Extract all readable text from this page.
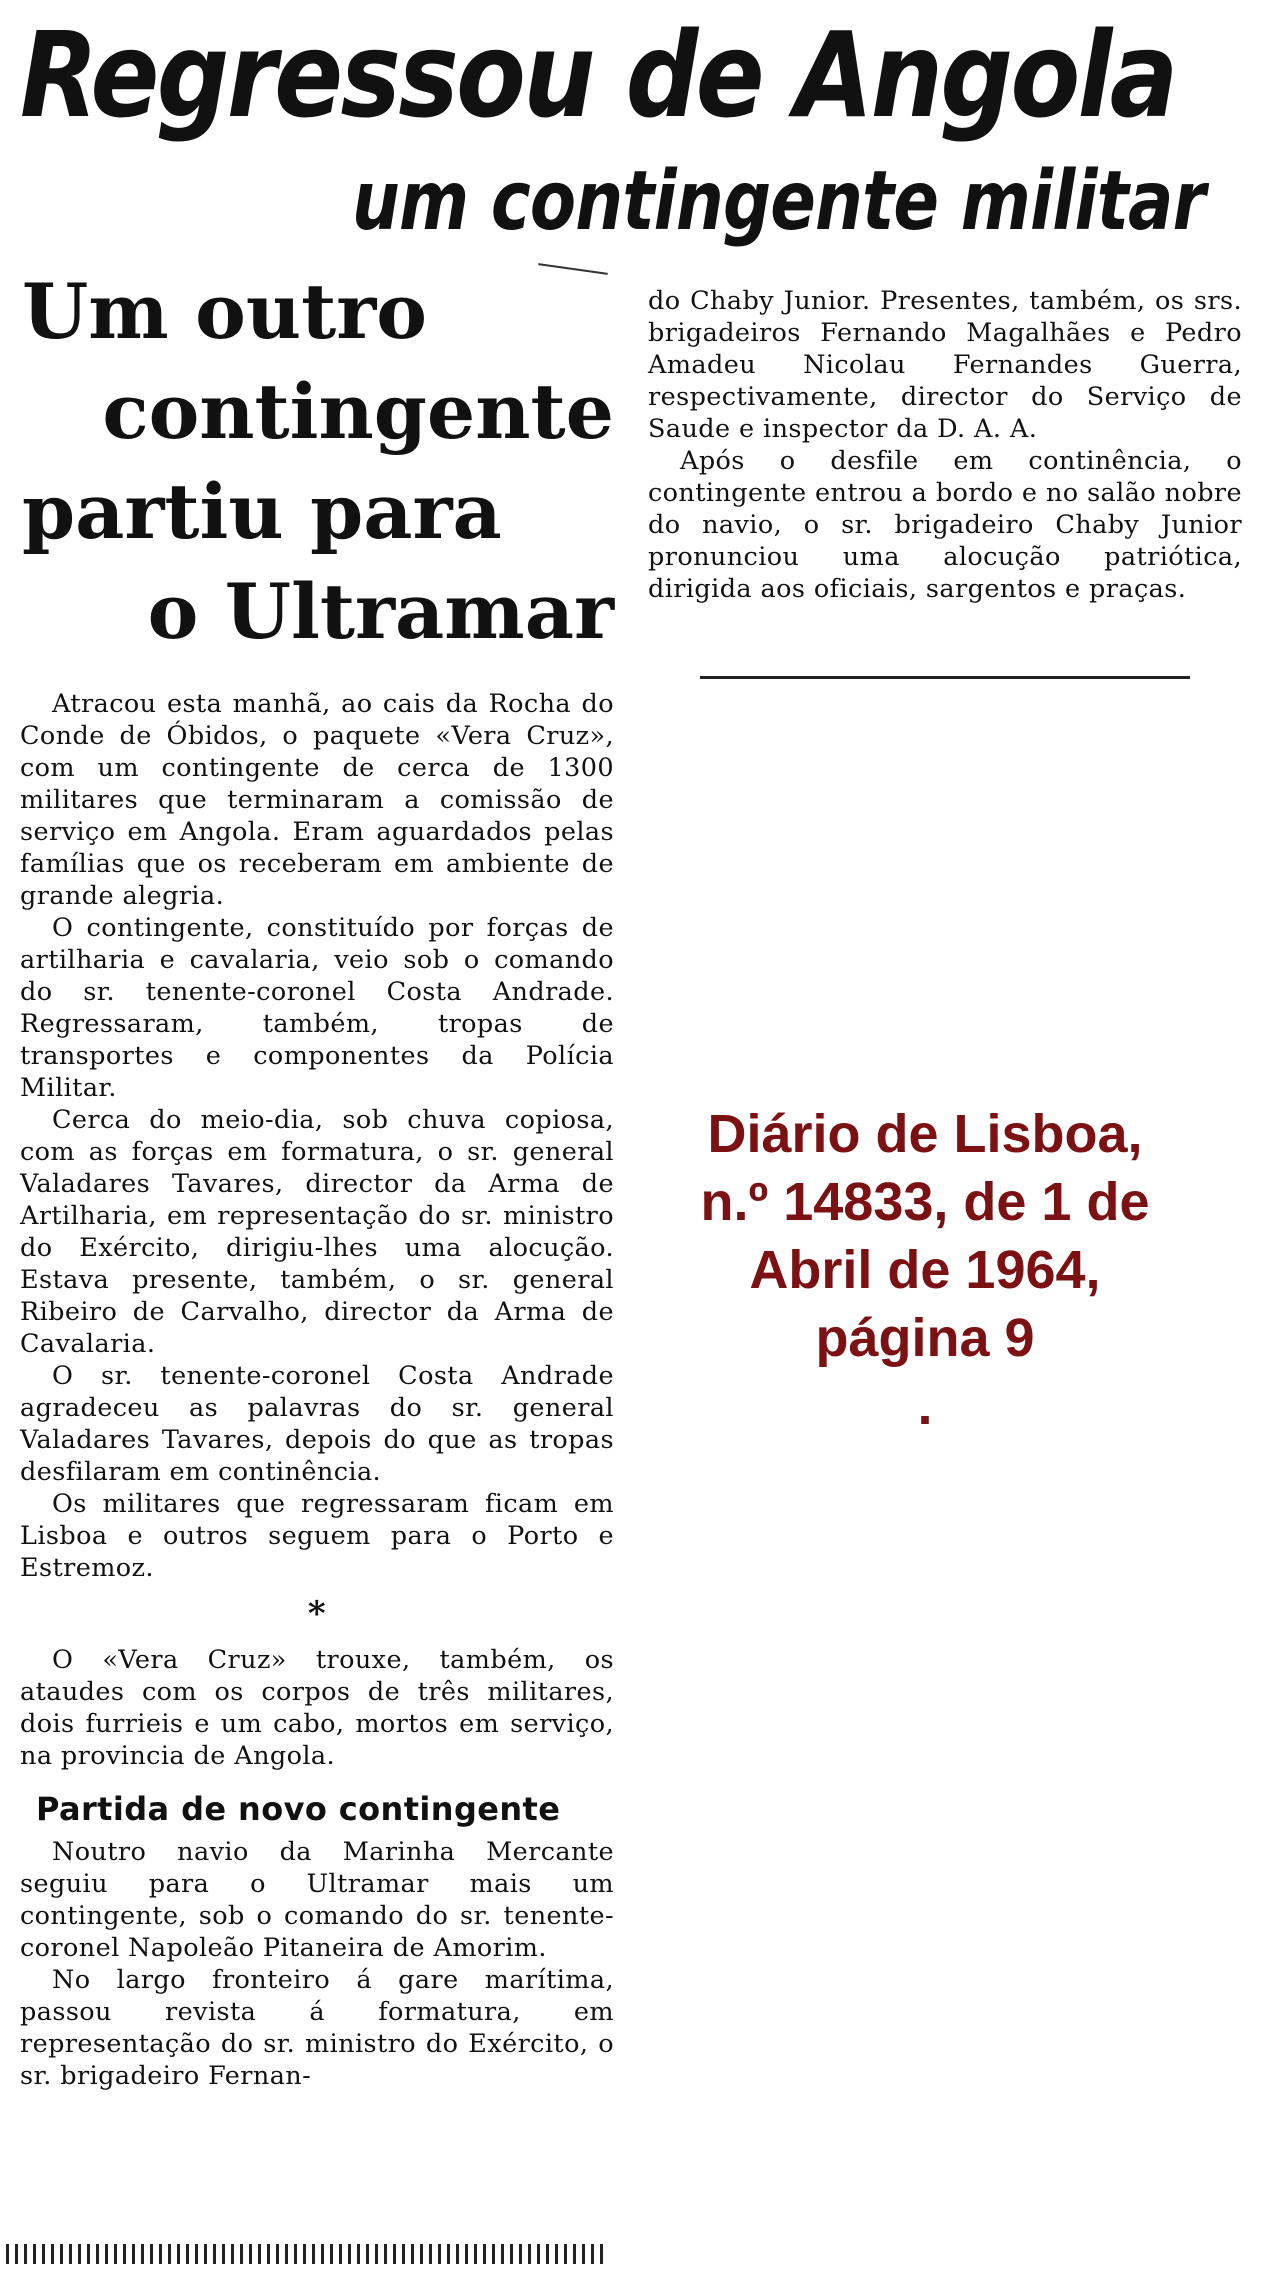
Regressou de Angola
um contingente militar
Um outro
contingente
partiu para
o Ultramar

Atracou esta manhã, ao cais da Rocha do Conde de Óbidos, o paquete «Vera Cruz», com um contingente de cerca de 1300 militares que terminaram a comissão de serviço em Angola. Eram aguardados pelas famílias que os receberam em ambiente de grande alegria.

O contingente, constituído por forças de artilharia e cavalaria, veio sob o comando do sr. tenente-coronel Costa Andrade. Regressaram, também, tropas de transportes e componentes da Polícia Militar.

Cerca do meio-dia, sob chuva copiosa, com as forças em formatura, o sr. general Valadares Tavares, director da Arma de Artilharia, em representação do sr. ministro do Exército, dirigiu-lhes uma alocução. Estava presente, também, o sr. general Ribeiro de Carvalho, director da Arma de Cavalaria.

O sr. tenente-coronel Costa Andrade agradeceu as palavras do sr. general Valadares Tavares, depois do que as tropas desfilaram em continência.

Os militares que regressaram ficam em Lisboa e outros seguem para o Porto e Estremoz.

*

O «Vera Cruz» trouxe, também, os ataudes com os corpos de três militares, dois furrieis e um cabo, mortos em serviço, na provincia de Angola.

Partida de novo contingente

Noutro navio da Marinha Mercante seguiu para o Ultramar mais um contingente, sob o comando do sr. tenente-coronel Napoleão Pitaneira de Amorim.

No largo fronteiro á gare marítima, passou revista á formatura, em representação do sr. ministro do Exército, o sr. brigadeiro Fernan-

do Chaby Junior. Presentes, também, os srs. brigadeiros Fernando Magalhães e Pedro Amadeu Nicolau Fernandes Guerra, respectivamente, director do Serviço de Saude e inspector da D. A. A.

Após o desfile em continência, o contingente entrou a bordo e no salão nobre do navio, o sr. brigadeiro Chaby Junior pronunciou uma alocução patriótica, dirigida aos oficiais, sargentos e praças.

Diário de Lisboa,
n.º 14833, de 1 de
Abril de 1964,
página 9
.
